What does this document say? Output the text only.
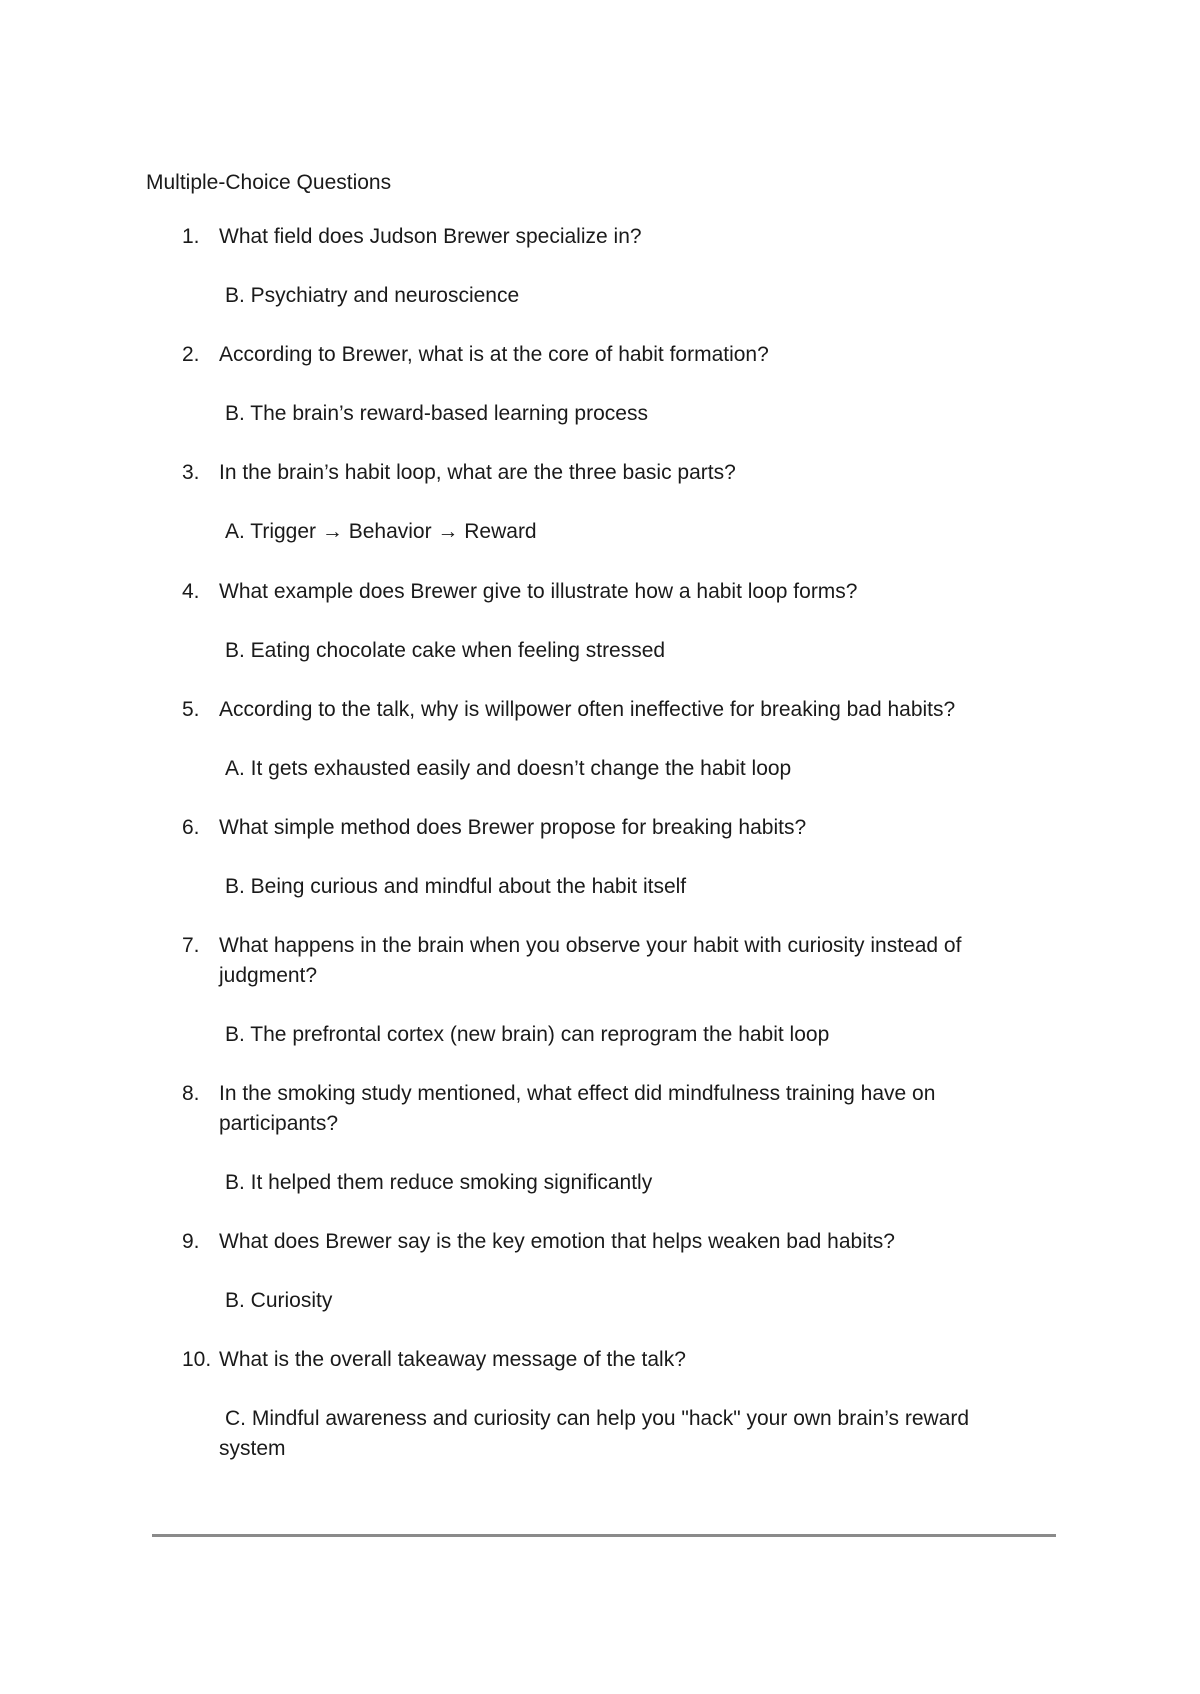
Multiple-Choice Questions
1. What field does Judson Brewer specialize in?
B. Psychiatry and neuroscience
2. According to Brewer, what is at the core of habit formation?
B. The brain’s reward-based learning process
3. In the brain’s habit loop, what are the three basic parts?
A. Trigger → Behavior → Reward
4. What example does Brewer give to illustrate how a habit loop forms?
B. Eating chocolate cake when feeling stressed
5. According to the talk, why is willpower often ineffective for breaking bad habits?
A. It gets exhausted easily and doesn’t change the habit loop
6. What simple method does Brewer propose for breaking habits?
B. Being curious and mindful about the habit itself
7. What happens in the brain when you observe your habit with curiosity instead of judgment?
B. The prefrontal cortex (new brain) can reprogram the habit loop
8. In the smoking study mentioned, what effect did mindfulness training have on participants?
B. It helped them reduce smoking significantly
9. What does Brewer say is the key emotion that helps weaken bad habits?
B. Curiosity
10. What is the overall takeaway message of the talk?
C. Mindful awareness and curiosity can help you "hack" your own brain’s reward system
